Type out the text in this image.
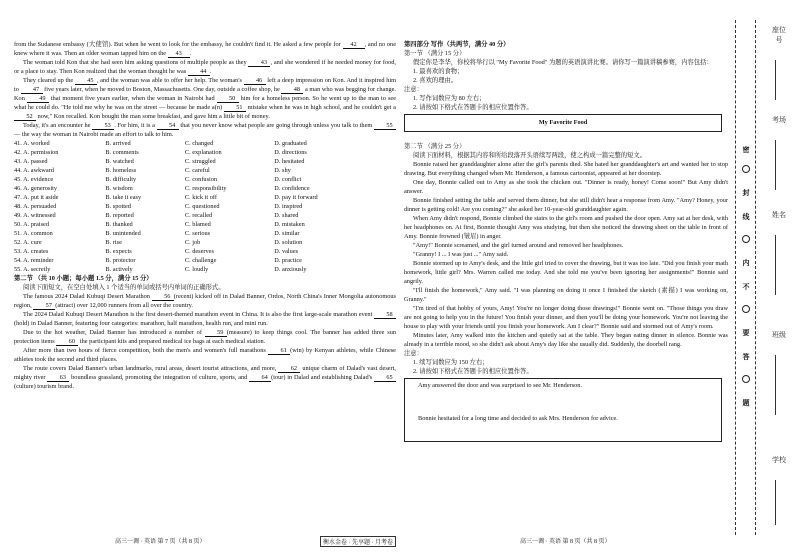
from the Sudanese embassy (大使馆). But when he went to look for the embassy, he couldn't find it. He asked a few people for 42 , and no one knew where it was. Then an older woman tapped him on the 43 .

The woman told Kon that she had seen him asking questions of multiple people as they 43 , and she wondered if he needed money for food, or a place to stay. Then Kon realized that the woman thought he was 44 .

They cleared up the 45 , and the woman was able to offer her help. The woman's 46 left a deep impression on Kon. And it inspired him to 47 five years later, when he moved to Boston, Massachusetts. One day, outside a coffee shop, he 48 a man who was begging for change. Kon 49 that moment five years earlier, when the woman in Nairobi had 50 him for a homeless person. So he went up to the man to see what he could do. "He told me why he was on the street — because he made a(n) 51 mistake when he was in high school, and he couldn't get a 52 now," Kon recalled. Kon bought the man some breakfast, and gave him a little bit of money.

Today, it's an encounter he 53 . For him, it is a 54 that you never know what people are going through unless you talk to them 55 — the way the woman in Nairobi made an effort to talk to him.

41. A. worked	B. arrived	C. changed	D. graduated
42. A. permission	B. comments	C. explanation	D. directions
43. A. passed	B. watched	C. struggled	D. hesitated
44. A. awkward	B. homeless	C. careful	D. shy
45. A. evidence	B. difficulty	C. confusion	D. conflict
46. A. generosity	B. wisdom	C. responsibility	D. confidence
47. A. put it aside	B. take it easy	C. kick it off	D. pay it forward
48. A. persuaded	B. spotted	C. questioned	D. inspired
49. A. witnessed	B. reported	C. recalled	D. shared
50. A. praised	B. thanked	C. blamed	D. mistaken
51. A. common	B. unintended	C. serious	D. similar
52. A. cure	B. rise	C. job	D. solution
53. A. creates	B. expects	C. deserves	D. values
54. A. reminder	B. protector	C. challenge	D. practice
55. A. secretly	B. actively	C. loudly	D. anxiously

第二节 （共 10 小题；每小题 1.5 分，满分 15 分）

阅读下面短文，在空白处填入 1 个适当的单词或括号内单词的正确形式。

The famous 2024 Dalad Kubuqi Desert Marathon 56 (recent) kicked off in Dalad Banner, Ordos, North China's Inner Mongolia autonomous region, 57 (attract) over 12,000 runners from all over the country.

The 2024 Dalad Kubuqi Desert Marathon is the first desert-themed marathon event in China. It is also the first large-scale marathon event 58(hold) in Dalad Banner, featuring four categories: marathon, half marathon, health run, and mini run.

Due to the hot weather, Dalad Banner has introduced a number of 59 (measure) to keep things cool. The banner has added three sun protection items 60 the participant kits and prepared medical ice bags at each medical station.

After more than two hours of fierce competition, both the men's and women's full marathons 61 (win) by Kenyan athletes, while Chinese athletes took the second and third places.

The route covers Dalad Banner's urban landmarks, rural areas, desert tourist attractions, and more, 62 unique charm of Dalad's vast desert, mighty river 63 boundless grassland, promoting the integration of culture, sports, and 64 (tour) in Dalad and establishing Dalad's 65(culture) tourism brand.

高三一调 · 英语 第 7 页（共 8 页）	衡水金卷 · 先享题 · 月考卷

第四部分 写作（共两节，满分 40 分）

第一节 （满分 15 分）

假定你是李华，你校将举行以 "My Favorite Food" 为题的英语演讲比赛。请你写一篇演讲稿参赛，内容包括：

1. 最喜欢的食物；

2. 喜欢的理由。

注意：

1. 写作词数应为 80 左右；

2. 请按如下格式在答题卡的相应位置作答。

My Favorite Food

第二节 （满分 25 分）

阅读下面材料，根据其内容和所给段落开头语续写两段，使之构成一篇完整的短文。

Bonnie raised her granddaughter alone after the girl's parents died. She hated her granddaughter's art and wanted her to stop drawing. But everything changed when Mr. Henderson, a famous cartoonist, appeared at her doorstep.

One day, Bonnie called out to Amy as she took the chicken out. "Dinner is ready, honey! Come soon!" But Amy didn't answer.

Bonnie finished setting the table and served them dinner, but she still didn't hear a response from Amy. "Amy? Honey, your dinner is getting cold! Are you coming?" she asked her 10-year-old granddaughter again.

When Amy didn't respond, Bonnie climbed the stairs to the girl's room and pushed the door open. Amy sat at her desk, with her headphones on. At first, Bonnie thought Amy was studying, but then she noticed the drawing sheet on the table in front of Amy. Bonnie frowned (皱眉) in anger.

"Amy!" Bonnie screamed, and the girl turned around and removed her headphones.

"Granny! I ... I was just ..." Amy said.

Bonnie stormed up to Amy's desk, and the little girl tried to cover the drawing, but it was too late. "Did you finish your math homework, little girl? Mrs. Warren called me today. And she told me you've been ignoring her assignments!" Bonnie said angrily.

"I'll finish the homework," Amy said. "I was planning on doing it once I finished the sketch (素描) I was working on, Granny."

"I'm tired of that hobby of yours, Amy! You're no longer doing those drawings!" Bonnie went on. "Those things you draw are not going to help you in the future! You finish your dinner, and then you'll be doing your homework. You're not leaving the house to play with your friends until you finish your homework. Am I clear?" Bonnie said and stormed out of Amy's room.

Minutes later, Amy walked into the kitchen and quietly sat at the table. They began eating dinner in silence. Bonnie was already in a terrible mood, so she didn't ask about Amy's day like she usually did. Suddenly, the doorbell rang.

注意：

1. 续写词数应为 150 左右；

2. 请按如下格式在答题卡的相应位置作答。

Amy answered the door and was surprised to see Mr. Henderson.

Bonnie hesitated for a long time and decided to ask Mrs. Henderson for advice.

高三一调 · 英语 第 8 页（共 8 页）
座位号
考场
姓名
班级
学校
密
封
线
内
不
要
答
题
